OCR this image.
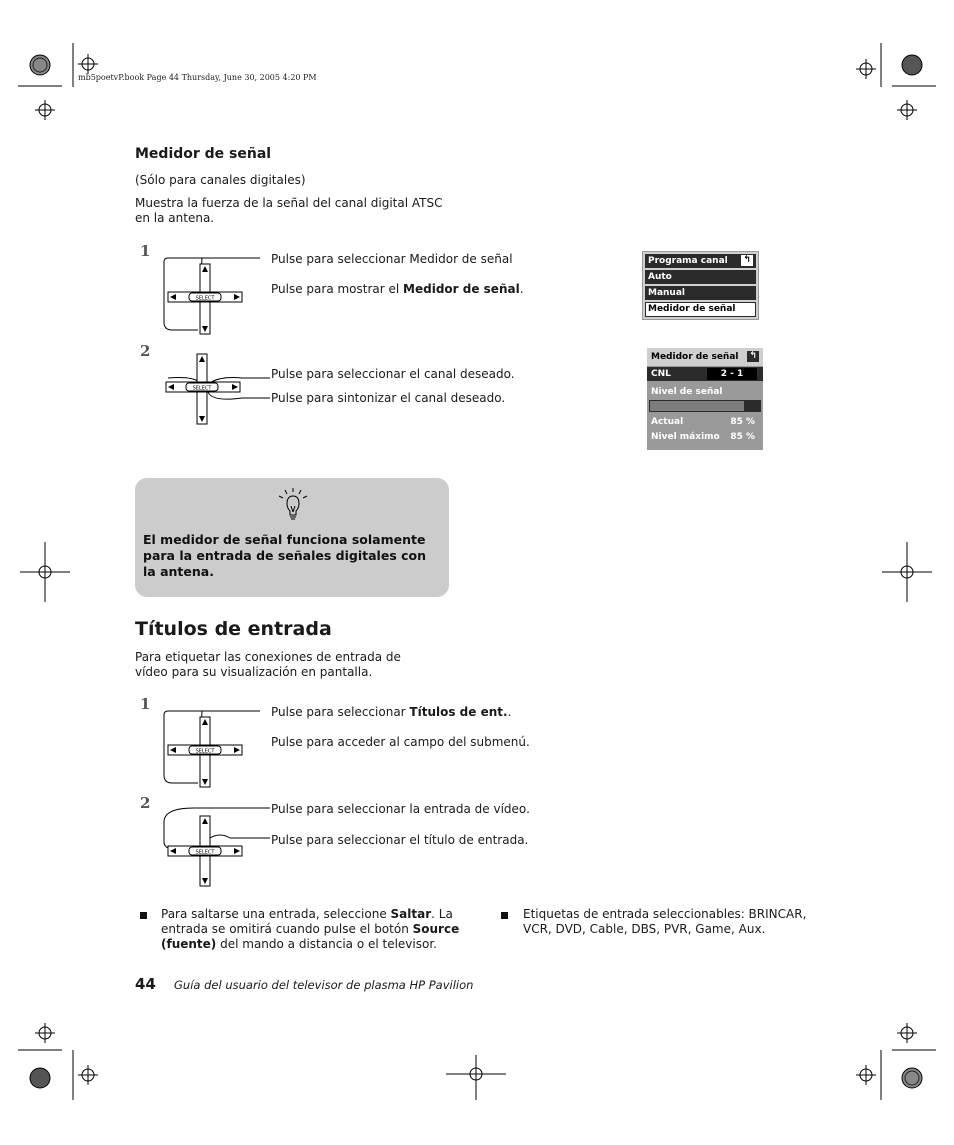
mb5poetvP.book Page 44 Thursday, June 30, 2005 4:20 PM
Medidor de señal
(Sólo para canales digitales)
Muestra la fuerza de la señal del canal digital ATSC en la antena.
1
SELECT
Pulse para seleccionar Medidor de señal
Pulse para mostrar el Medidor de señal.
2
SELECT
Pulse para seleccionar el canal deseado.
Pulse para sintonizar el canal deseado.
Programa canal ↰
Auto
Manual
Medidor de señal
Medidor de señal ↰
CNL	2 - 1
Nivel de señal
Actual	85 %
Nivel máximo 85 %
El medidor de señal funciona solamente para la entrada de señales digitales con la antena.
Títulos de entrada
Para etiquetar las conexiones de entrada de vídeo para su visualización en pantalla.
1
SELECT
Pulse para seleccionar Títulos de ent..
Pulse para acceder al campo del submenú.
2
SELECT
Pulse para seleccionar la entrada de vídeo.
Pulse para seleccionar el título de entrada.
Para saltarse una entrada, seleccione Saltar. La entrada se omitirá cuando pulse el botón Source (fuente) del mando a distancia o el televisor.
Etiquetas de entrada seleccionables: BRINCAR, VCR, DVD, Cable, DBS, PVR, Game, Aux.
44 Guía del usuario del televisor de plasma HP Pavilion
